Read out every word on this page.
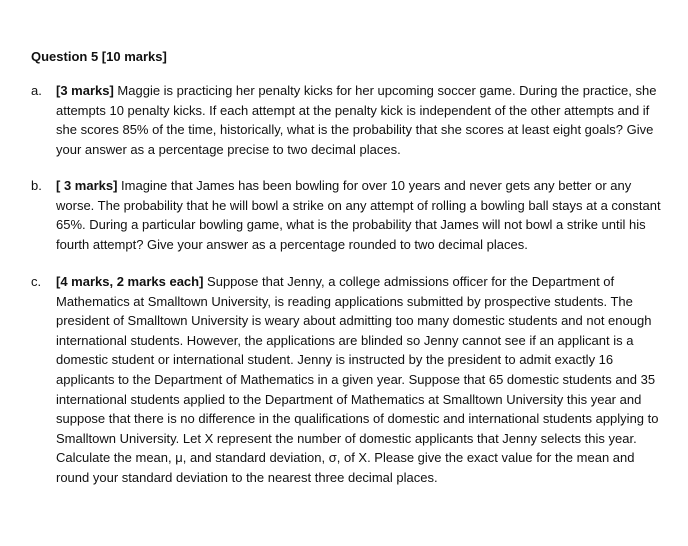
Question 5 [10 marks]
a.	[3 marks] Maggie is practicing her penalty kicks for her upcoming soccer game. During the practice, she attempts 10 penalty kicks. If each attempt at the penalty kick is independent of the other attempts and if she scores 85% of the time, historically, what is the probability that she scores at least eight goals? Give your answer as a percentage precise to two decimal places.
b.	[ 3 marks] Imagine that James has been bowling for over 10 years and never gets any better or any worse. The probability that he will bowl a strike on any attempt of rolling a bowling ball stays at a constant 65%. During a particular bowling game, what is the probability that James will not bowl a strike until his fourth attempt? Give your answer as a percentage rounded to two decimal places.
c.	[4 marks, 2 marks each] Suppose that Jenny, a college admissions officer for the Department of Mathematics at Smalltown University, is reading applications submitted by prospective students. The president of Smalltown University is weary about admitting too many domestic students and not enough international students. However, the applications are blinded so Jenny cannot see if an applicant is a domestic student or international student. Jenny is instructed by the president to admit exactly 16 applicants to the Department of Mathematics in a given year. Suppose that 65 domestic students and 35 international students applied to the Department of Mathematics at Smalltown University this year and suppose that there is no difference in the qualifications of domestic and international students applying to Smalltown University. Let X represent the number of domestic applicants that Jenny selects this year. Calculate the mean, μ, and standard deviation, σ, of X. Please give the exact value for the mean and round your standard deviation to the nearest three decimal places.
